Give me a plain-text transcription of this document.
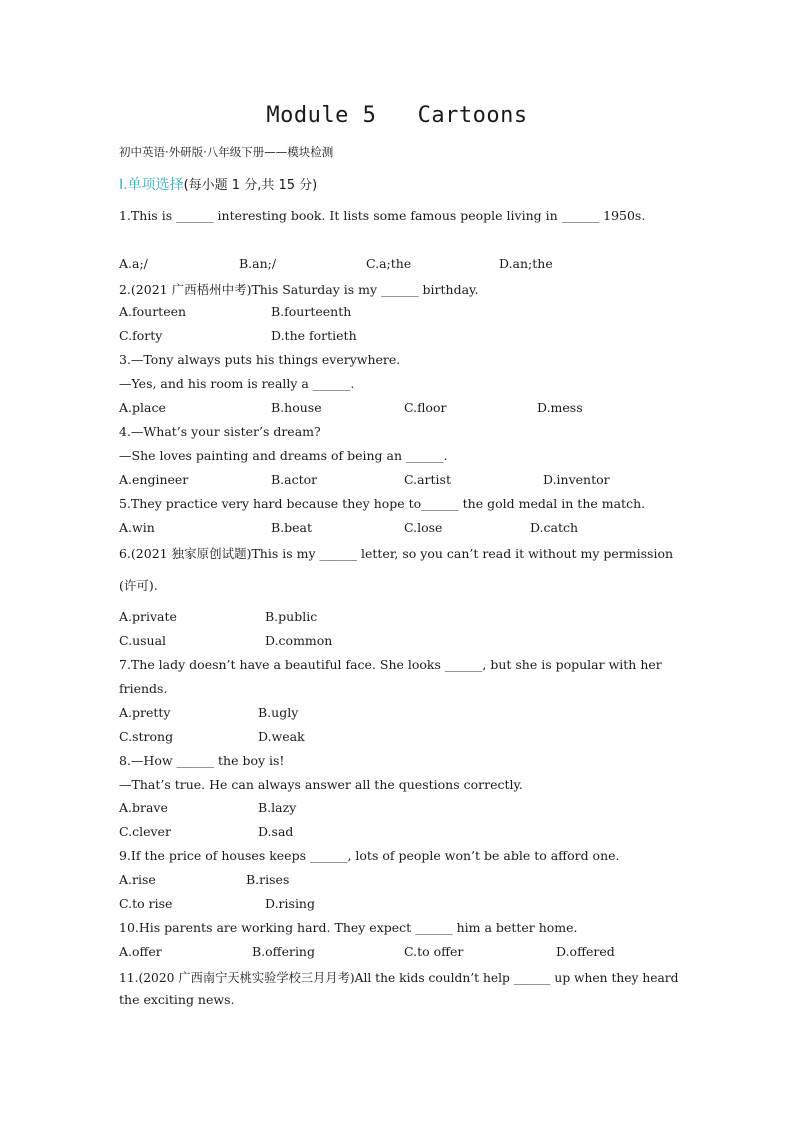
Module 5   Cartoons
初中英语·外研版·八年级下册——模块检测
Ⅰ.单项选择(每小题 1 分,共 15 分)
1.This is ______ interesting book. It lists some famous people living in ______ 1950s.
A.a;/	B.an;/	C.a;the	D.an;the
2.(2021 广西梧州中考)This Saturday is my ______ birthday.
A.fourteen	B.fourteenth
C.forty	D.the fortieth
3.—Tony always puts his things everywhere.
—Yes, and his room is really a ______.
A.place	B.house	C.floor	D.mess
4.—What’s your sister’s dream?
—She loves painting and dreams of being an ______.
A.engineer	B.actor	C.artist	D.inventor
5.They practice very hard because they hope to______ the gold medal in the match.
A.win	B.beat	C.lose	D.catch
6.(2021 独家原创试题)This is my ______ letter, so you can’t read it without my permission
(许可).
A.private	B.public
C.usual	D.common
7.The lady doesn’t have a beautiful face. She looks ______, but she is popular with her
friends.
A.pretty	B.ugly
C.strong	D.weak
8.—How ______ the boy is!
—That’s true. He can always answer all the questions correctly.
A.brave	B.lazy
C.clever	D.sad
9.If the price of houses keeps ______, lots of people won’t be able to afford one.
A.rise	B.rises
C.to rise	D.rising
10.His parents are working hard. They expect ______ him a better home.
A.offer	B.offering	C.to offer	D.offered
11.(2020 广西南宁天桃实验学校三月月考)All the kids couldn’t help ______ up when they heard
the exciting news.
